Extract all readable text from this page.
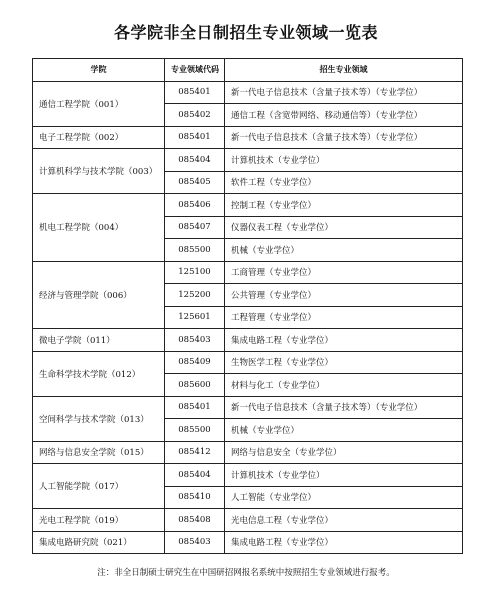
各学院非全日制招生专业领域一览表
学院	专业领域代码	招生专业领域
通信工程学院（001）	085401	新一代电子信息技术（含量子技术等）（专业学位）
	085402	通信工程（含宽带网络、移动通信等）（专业学位）
电子工程学院（002）	085401	新一代电子信息技术（含量子技术等）（专业学位）
计算机科学与技术学院（003）	085404	计算机技术（专业学位）
	085405	软件工程（专业学位）
机电工程学院（004）	085406	控制工程（专业学位）
	085407	仪器仪表工程（专业学位）
	085500	机械（专业学位）
经济与管理学院（006）	125100	工商管理（专业学位）
	125200	公共管理（专业学位）
	125601	工程管理（专业学位）
微电子学院（011）	085403	集成电路工程（专业学位）
生命科学技术学院（012）	085409	生物医学工程（专业学位）
	085600	材料与化工（专业学位）
空间科学与技术学院（013）	085401	新一代电子信息技术（含量子技术等）（专业学位）
	085500	机械（专业学位）
网络与信息安全学院（015）	085412	网络与信息安全（专业学位）
人工智能学院（017）	085404	计算机技术（专业学位）
	085410	人工智能（专业学位）
光电工程学院（019）	085408	光电信息工程（专业学位）
集成电路研究院（021）	085403	集成电路工程（专业学位）
注：非全日制硕士研究生在中国研招网报名系统中按照招生专业领域进行报考。
